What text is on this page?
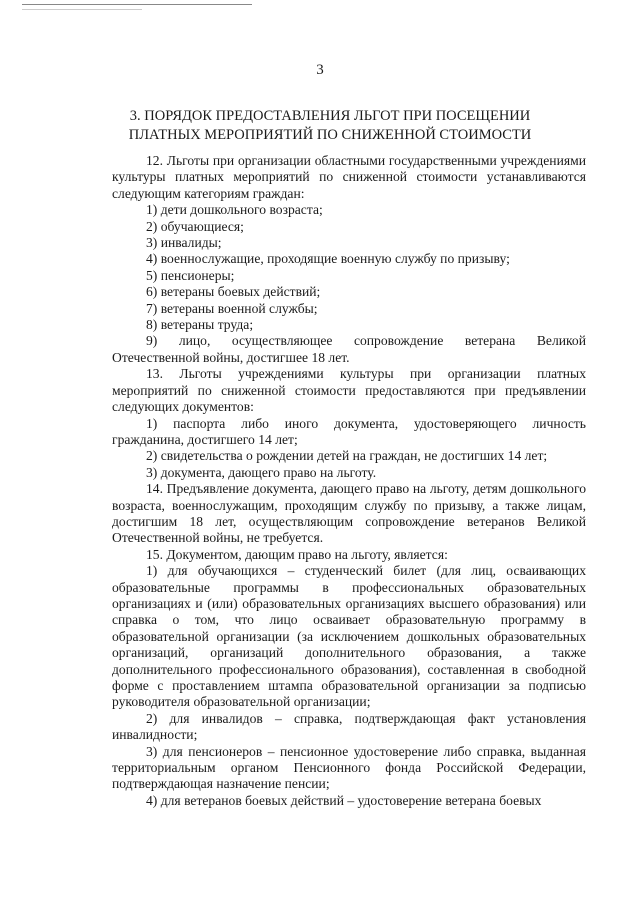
3
3. ПОРЯДОК ПРЕДОСТАВЛЕНИЯ ЛЬГОТ ПРИ ПОСЕЩЕНИИ
ПЛАТНЫХ МЕРОПРИЯТИЙ ПО СНИЖЕННОЙ СТОИМОСТИ

12. Льготы при организации областными государственными учреждениями культуры платных мероприятий по сниженной стоимости устанавливаются следующим категориям граждан:

1) дети дошкольного возраста;

2) обучающиеся;

3) инвалиды;

4) военнослужащие, проходящие военную службу по призыву;

5) пенсионеры;

6) ветераны боевых действий;

7) ветераны военной службы;

8) ветераны труда;

9) лицо, осуществляющее сопровождение ветерана Великой Отечественной войны, достигшее 18 лет.

13. Льготы учреждениями культуры при организации платных мероприятий по сниженной стоимости предоставляются при предъявлении следующих документов:

1) паспорта либо иного документа, удостоверяющего личность гражданина, достигшего 14 лет;

2) свидетельства о рождении детей на граждан, не достигших 14 лет;

3) документа, дающего право на льготу.

14. Предъявление документа, дающего право на льготу, детям дошкольного возраста, военнослужащим, проходящим службу по призыву, а также лицам, достигшим 18 лет, осуществляющим сопровождение ветеранов Великой Отечественной войны, не требуется.

15. Документом, дающим право на льготу, является:

1) для обучающихся – студенческий билет (для лиц, осваивающих образовательные программы в профессиональных образовательных организациях и (или) образовательных организациях высшего образования) или справка о том, что лицо осваивает образовательную программу в образовательной организации (за исключением дошкольных образовательных организаций, организаций дополнительного образования, а также дополнительного профессионального образования), составленная в свободной форме с проставлением штампа образовательной организации за подписью руководителя образовательной организации;

2) для инвалидов – справка, подтверждающая факт установления инвалидности;

3) для пенсионеров – пенсионное удостоверение либо справка, выданная территориальным органом Пенсионного фонда Российской Федерации, подтверждающая назначение пенсии;

4) для ветеранов боевых действий – удостоверение ветерана боевых
